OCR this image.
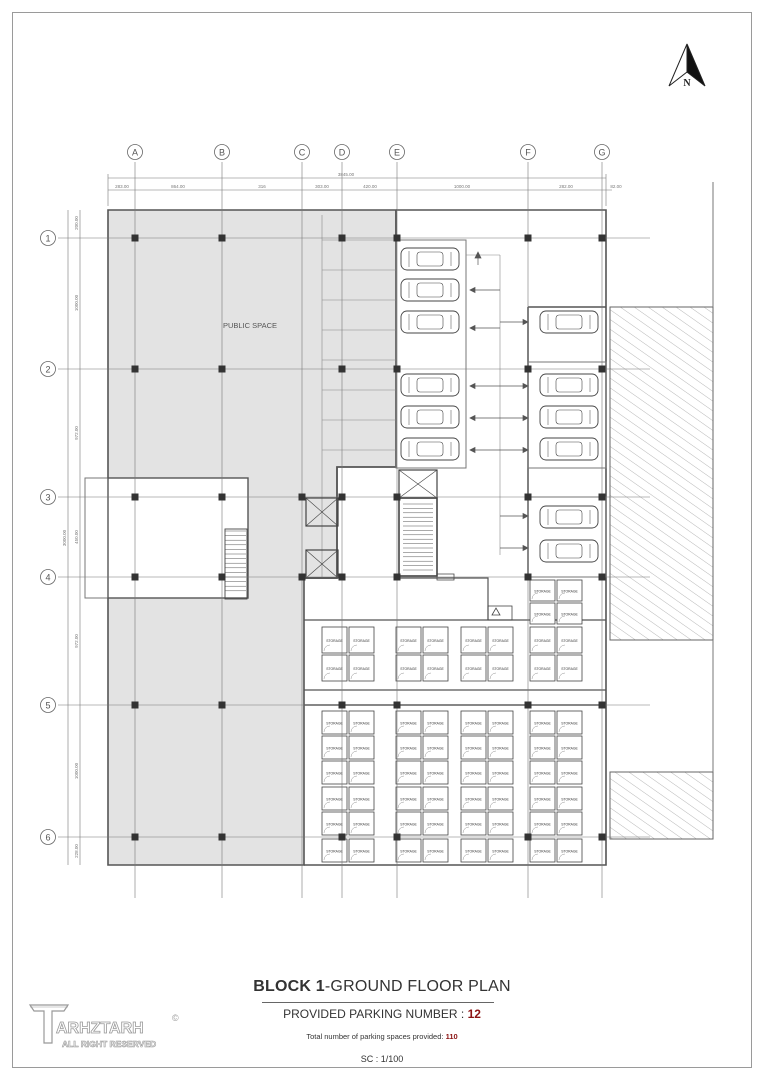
STORAGE	STORAGE
STORAGE	STORAGE
STORAGE	STORAGE
STORAGE	STORAGE
STORAGE	STORAGE
STORAGE	STORAGE
STORAGE	STORAGE
STORAGE	STORAGE
STORAGE	STORAGE
STORAGE	STORAGE
STORAGE	STORAGE
STORAGE	STORAGE
STORAGE	STORAGE
STORAGE	STORAGE
STORAGE	STORAGE
STORAGE	STORAGE
STORAGE	STORAGE
STORAGE	STORAGE
STORAGE	STORAGE
STORAGE	STORAGE
STORAGE	STORAGE
STORAGE	STORAGE
STORAGE	STORAGE
STORAGE	STORAGE
STORAGE	STORAGE
STORAGE	STORAGE
STORAGE	STORAGE
STORAGE	STORAGE
STORAGE	STORAGE
STORAGE	STORAGE
STORAGE	STORAGE
STORAGE	STORAGE
STORAGE	STORAGE
STORAGE	STORAGE
A	B	C	D	E	F	G
1
2
3
4
5
6
283.00	864.00	316	303.00	420.00	1000.00	282.00	82.00
3845.00
200.00
1000.00
972.00
450.00
972.00
1000.00
228.00
3000.00
PUBLIC SPACE
N
BLOCK 1-GROUND FLOOR PLAN
PROVIDED PARKING NUMBER : 12
Total number of parking spaces provided: 110
SC : 1/100
ARHZTARH
©
ALL RIGHT RESERVED
